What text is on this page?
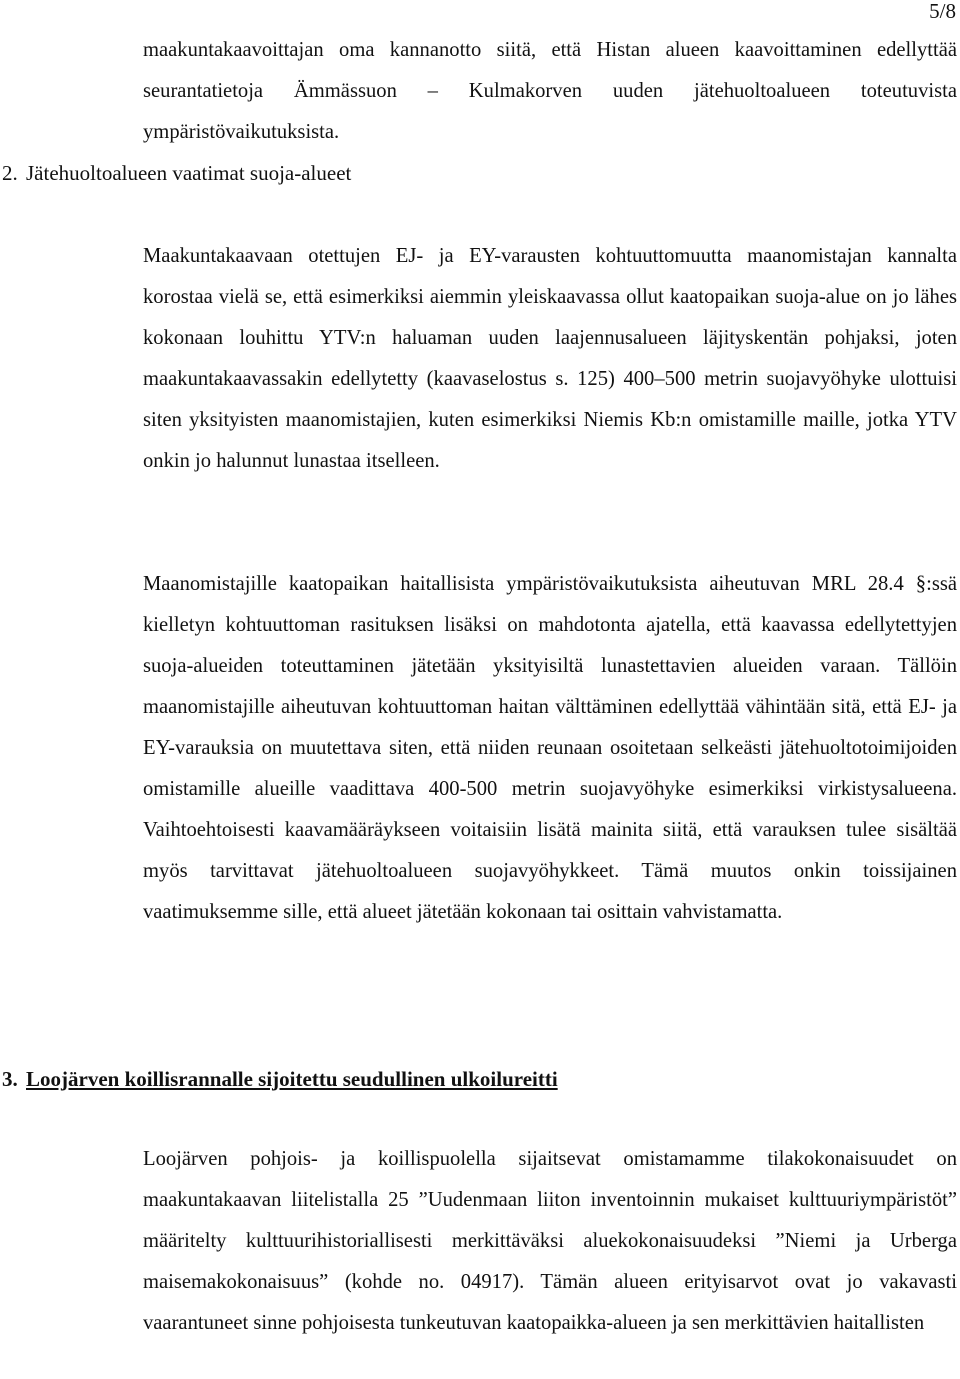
5/8

maakuntakaavoittajan oma kannanotto siitä, että Histan alueen kaavoittaminen edellyttää seurantatietoja Ämmässuon – Kulmakorven uuden jätehuoltoalueen toteutuvista ympäristövaikutuksista.

2. Jätehuoltoalueen vaatimat suoja-alueet

Maakuntakaavaan otettujen EJ- ja EY-varausten kohtuuttomuutta maanomistajan kannalta korostaa vielä se, että esimerkiksi aiemmin yleiskaavassa ollut kaatopaikan suoja-alue on jo lähes kokonaan louhittu YTV:n haluaman uuden laajennusalueen läjityskentän pohjaksi, joten maakuntakaavassakin edellytetty (kaavaselostus s. 125) 400–500 metrin suojavyöhyke ulottuisi siten yksityisten maanomistajien, kuten esimerkiksi Niemis Kb:n omistamille maille, jotka YTV onkin jo halunnut lunastaa itselleen.

Maanomistajille kaatopaikan haitallisista ympäristövaikutuksista aiheutuvan MRL 28.4 §:ssä kielletyn kohtuuttoman rasituksen lisäksi on mahdotonta ajatella, että kaavassa edellytettyjen suoja-alueiden toteuttaminen jätetään yksityisiltä lunastettavien alueiden varaan. Tällöin maanomistajille aiheutuvan kohtuuttoman haitan välttäminen edellyttää vähintään sitä, että EJ- ja EY-varauksia on muutettava siten, että niiden reunaan osoitetaan selkeästi jätehuoltotoimijoiden omistamille alueille vaadittava 400-500 metrin suojavyöhyke esimerkiksi virkistysalueena. Vaihtoehtoisesti kaavamääräykseen voitaisiin lisätä mainita siitä, että varauksen tulee sisältää myös tarvittavat jätehuoltoalueen suojavyöhykkeet. Tämä muutos onkin toissijainen vaatimuksemme sille, että alueet jätetään kokonaan tai osittain vahvistamatta.

3. Loojärven koillisrannalle sijoitettu seudullinen ulkoilureitti

Loojärven pohjois- ja koillispuolella sijaitsevat omistamamme tilakokonaisuudet on maakuntakaavan liitelistalla 25 ”Uudenmaan liiton inventoinnin mukaiset kulttuuriympäristöt” määritelty kulttuurihistoriallisesti merkittäväksi aluekokonaisuudeksi ”Niemi ja Urberga maisemakokonaisuus” (kohde no. 04917). Tämän alueen erityisarvot ovat jo vakavasti vaarantuneet sinne pohjoisesta tunkeutuvan kaatopaikka-alueen ja sen merkittävien haitallisten
